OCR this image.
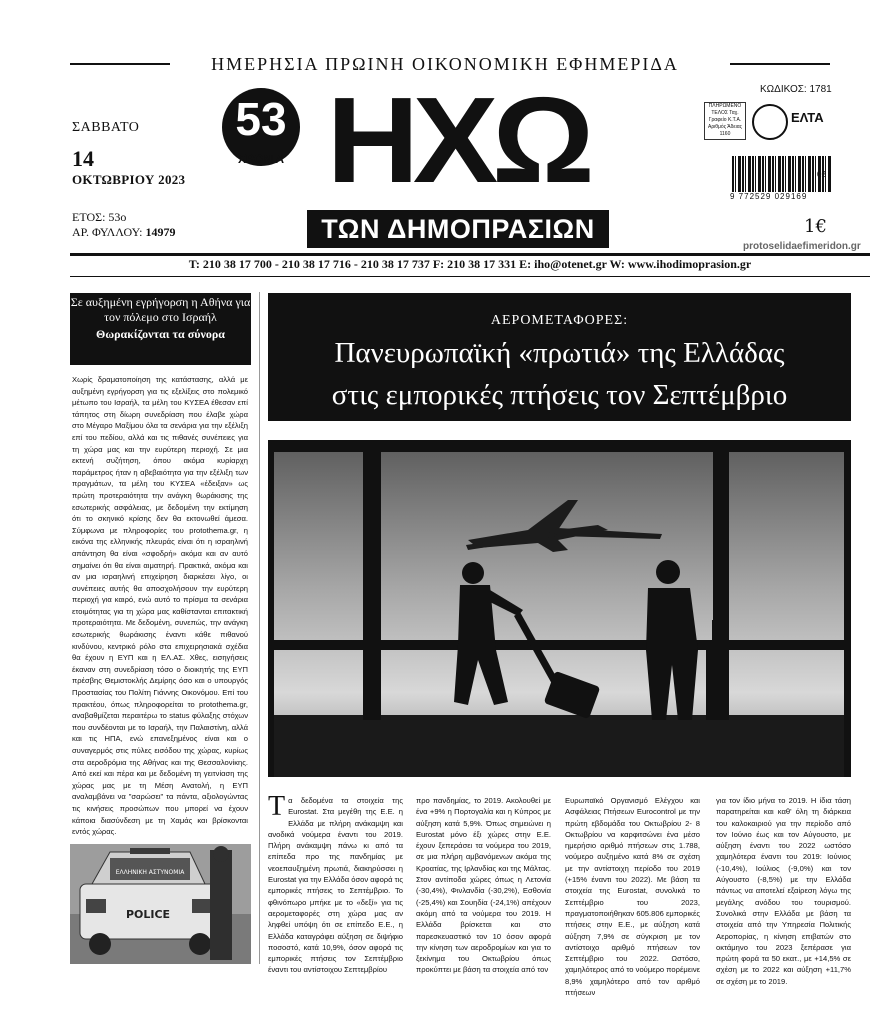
ΗΜΕΡΗΣΙΑ ΠΡΩΙΝΗ ΟΙΚΟΝΟΜΙΚΗ ΕΦΗΜΕΡΙΔΑ
ΣΑΒΒΑΤΟ
14
ΟΚΤΩΒΡΙΟΥ 2023
ΕΤΟΣ: 53ο
ΑΡ. ΦΥΛΛΟΥ: 14979
53
ΧΡΟΝΙΑ ΗΧΩ
ΤΩΝ ΔΗΜΟΠΡΑΣΙΩΝ
ΚΩΔΙΚΟΣ: 1781
ΠΛΗΡΩΜΕΝΟ ΤΕΛΟΣ Ταχ. Γραφείο Κ.Τ.Α. Αριθμός Άδειας 1160
ΕΛΤΑ
02
9 772529 029169
1€
protoselidaefimeridon.gr
T: 210 38 17 700 - 210 38 17 716 - 210 38 17 737 F: 210 38 17 331 E: iho@otenet.gr W: www.ihodimoprasion.gr
Σε αυξημένη εγρήγορση η Αθήνα για τον πόλεμο στο Ισραήλ
Θωρακίζονται τα σύνορα
Χωρίς δραματοποίηση της κατάστασης, αλλά με αυξημένη εγρήγορση για τις εξελίξεις στο πολεμικό μέτωπο του Ισραήλ, τα μέλη του ΚΥΣΕΑ έθεσαν επί τάπητος στη δίωρη συνεδρίαση που έλαβε χώρα στο Μέγαρο Μαξίμου όλα τα σενάρια για την εξέλιξη επί του πεδίου, αλλά και τις πιθανές συνέπειες για τη χώρα μας και την ευρύτερη περιοχή. Σε μια εκτενή συζήτηση, όπου ακόμα κυρίαρχη παράμετρος ήταν η αβεβαιότητα για την εξέλιξη των πραγμάτων, τα μέλη του ΚΥΣΕΑ «έδειξαν» ως πρώτη προτεραιότητα την ανάγκη θωράκισης της εσωτερικής ασφάλειας, με δεδομένη την εκτίμηση ότι το σκηνικό κρίσης δεν θα εκτονωθεί άμεσα. Σύμφωνα με πληροφορίες του protothema.gr, η εικόνα της ελληνικής πλευράς είναι ότι η ισραηλινή απάντηση θα είναι «σφοδρή» ακόμα και αν αυτό σημαίνει ότι θα είναι αιματηρή. Πρακτικά, ακόμα και αν μια ισραηλινή επιχείρηση διαρκέσει λίγο, οι συνέπειες αυτής θα αποσχολήσουν την ευρύτερη περιοχή για καιρό, ενώ αυτό το πρίσμα τα σενάρια ετοιμότητας για τη χώρα μας καθίστανται επιτακτική προτεραιότητα. Με δεδομένη, συνεπώς, την ανάγκη εσωτερικής θωράκισης έναντι κάθε πιθανού κινδύνου, κεντρικό ρόλο στα επιχειρησιακά σχέδια θα έχουν η ΕΥΠ και η ΕΛ.ΑΣ. Χθες, εισηγήσεις έκαναν στη συνεδρίαση τόσο ο διοικητής της ΕΥΠ πρέσβης Θεμιστοκλής Δεμίρης όσο και ο υπουργός Προστασίας του Πολίτη Γιάννης Οικονόμου. Επί του πρακτέου, όπως πληροφορείται το protothema.gr, αναβαθμίζεται περαιτέρω το status φύλαξης στόχων που συνδέονται με το Ισραήλ, την Παλαιστίνη, αλλά και τις ΗΠΑ, ενώ επανεξημένος είναι και ο συναγερμός στις πύλες εισόδου της χώρας, κυρίως στα αεροδρόμια της Αθήνας και της Θεσσαλονίκης. Από εκεί και πέρα και με δεδομένη τη γειτνίαση της χώρας μας με τη Μέση Ανατολή, η ΕΥΠ αναλαμβάνει να "σαρώσει" τα πάντα, αξιολογώντας τις κινήσεις προσώπων που μπορεί να έχουν κάποια διασύνδεση με τη Χαμάς και βρίσκονται εντός χώρας.
ΕΛΛΗΝΙΚΗ ΑΣΤΥΝΟΜΙΑ
POLICE
ΑΕΡΟΜΕΤΑΦΟΡΕΣ:
Πανευρωπαϊκή «πρωτιά» της Ελλάδας
στις εμπορικές πτήσεις τον Σεπτέμβριο
Τα δεδομένα τα στοιχεία της Eurostat. Στα μεγέθη της Ε.Ε. η Ελλάδα με πλήρη ανάκαμψη και ανοδικά νούμερα έναντι του 2019. Πλήρη ανάκαμψη πάνω κι από τα επίπεδα προ της πανδημίας με νεοεπαυξημένη πρωτιά, διακηρύσσει η Eurostat για την Ελλάδα όσον αφορά τις εμπορικές πτήσεις το Σεπτέμβριο. Το φθινόπωρο μπήκε με το «δεξί» για τις αερομεταφορές στη χώρα μας αν ληφθεί υπόψη ότι σε επίπεδο Ε.Ε., η Ελλάδα καταγράφει αύξηση σε διψήφιο ποσοστό, κατά 10,9%, όσον αφορά τις εμπορικές πτήσεις τον Σεπτέμβριο έναντι του αντίστοιχου Σεπτεμβρίου
προ πανδημίας, το 2019. Ακολουθεί με ένα +9% η Πορτογαλία και η Κύπρος με αύξηση κατά 5,9%. Όπως σημειώνει η Eurostat μόνο έξι χώρες στην Ε.Ε. έχουν ξεπεράσει τα νούμερα του 2019, σε μια πλήρη αμβανόμενων ακόμα της Κροατίας, της Ιρλανδίας και της Μάλτας. Στον αντίποδα χώρες όπως η Λετονία (-30,4%), Φινλανδία (-30,2%), Εσθονία (-25,4%) και Σουηδία (-24,1%) απέχουν ακόμη από τα νούμερα του 2019. Η Ελλάδα βρίσκεται και στο παρεσκευαστικό τον 10 όσον αφορά την κίνηση των αεροδρομίων και για το ξεκίνημα του Οκτωβρίου όπως προκύπτει με βάση τα στοιχεία από τον
Ευρωπαϊκό Οργανισμό Ελέγχου και Ασφάλειας Πτήσεων Eurocontrol με την πρώτη εβδομάδα του Οκτωβρίου 2- 8 Οκτωβρίου να καρφιτσώνει ένα μέσο ημερήσιο αριθμό πτήσεων στις 1.788, νούμερο αυξημένο κατά 8% σε σχέση με την αντίστοιχη περίοδο του 2019 (+15% έναντι του 2022). Με βάση τα στοιχεία της Eurostat, συνολικά το Σεπτέμβριο του 2023, πραγματοποιήθηκαν 605.806 εμπορικές πτήσεις στην Ε.Ε., με αύξηση κατά αύξηση 7,9% σε σύγκριση με τον αντίστοιχο αριθμό πτήσεων τον Σεπτέμβριο του 2022. Ωστόσο, χαμηλότερος από το νούμερο πορέμεινε 8,9% χαμηλότερο από τον αριθμό πτήσεων
για τον ίδιο μήνα το 2019. Η ίδια τάση παρατηρείται και καθ' όλη τη διάρκεια του καλοκαιριού για την περίοδο από τον Ιούνιο έως και τον Αύγουστο, με αύξηση έναντι του 2022 ωστόσο χαμηλότερα έναντι του 2019: Ιούνιος (-10,4%), Ιούλιος (-9,0%) και τον Αύγουστο (-8,5%) με την Ελλάδα πάντως να αποτελεί εξαίρεση λόγω της μεγάλης ανόδου του τουρισμού. Συνολικά στην Ελλάδα με βάση τα στοιχεία από την Υπηρεσία Πολιτικής Αεροπορίας, η κίνηση επιβατών στο οκτάμηνο του 2023 ξεπέρασε για πρώτη φορά τα 50 εκατ., με +14,5% σε σχέση με το 2022 και αύξηση +11,7% σε σχέση με το 2019.
